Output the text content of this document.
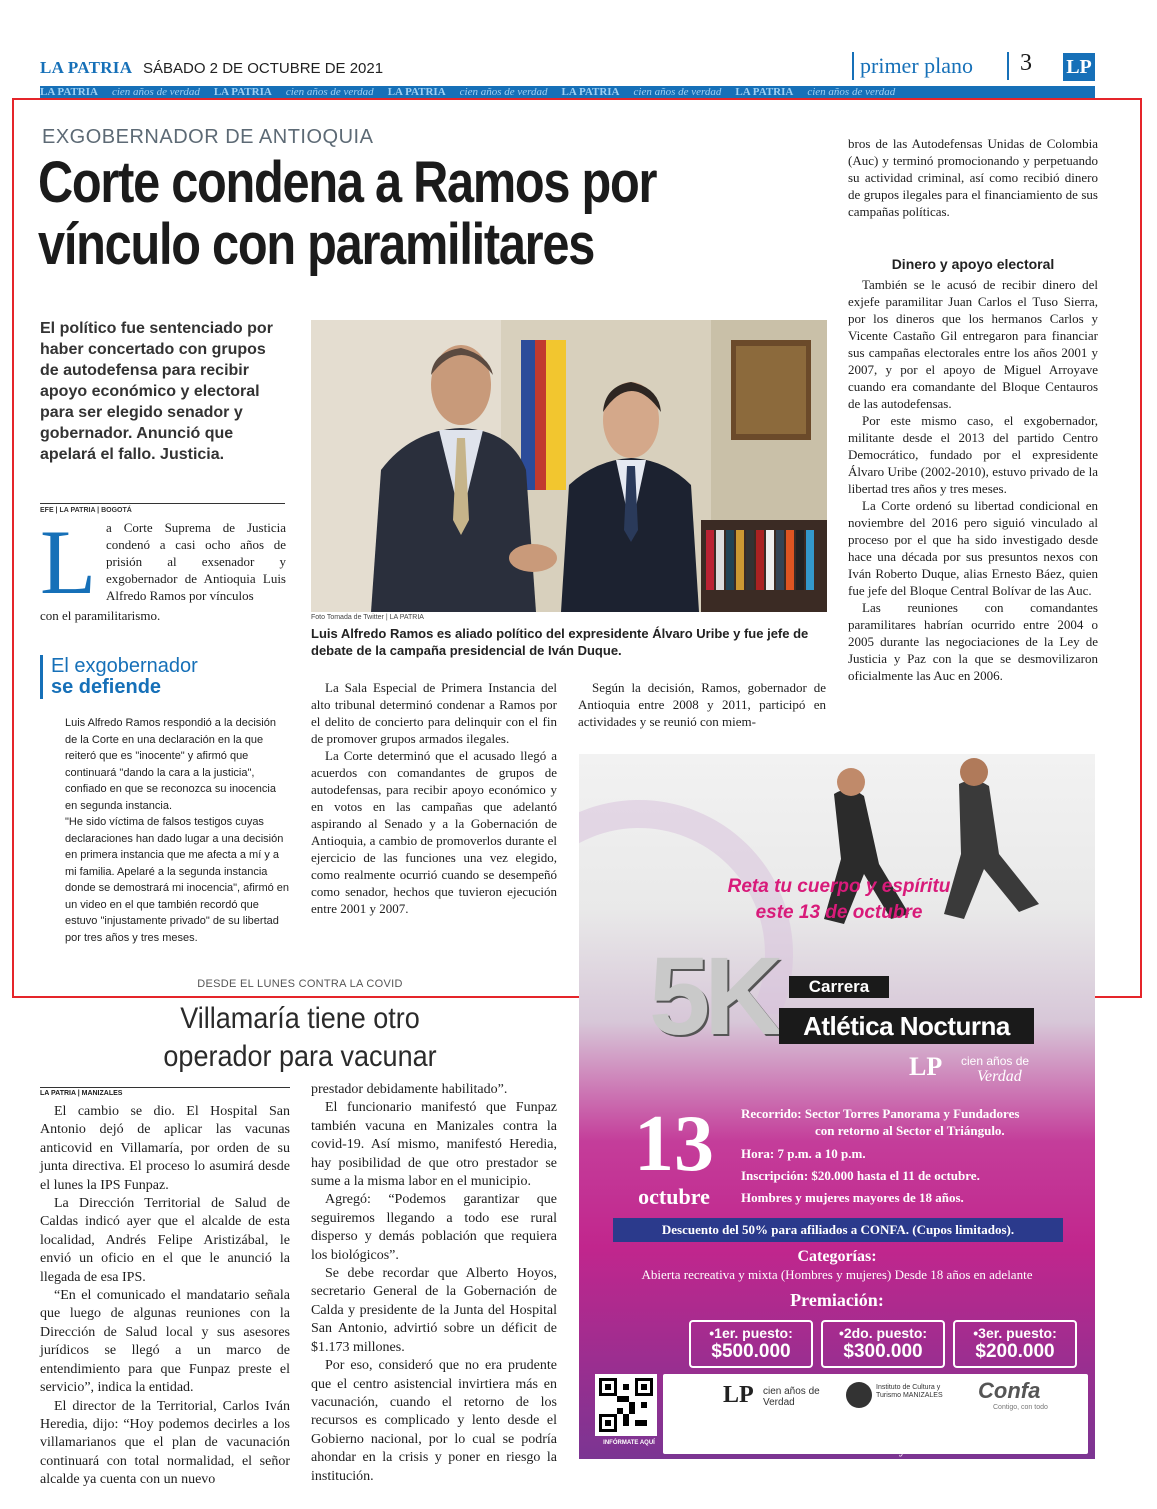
LA PATRIA SÁBADO 2 DE OCTUBRE DE 2021	primer plano 3 LP
LA PATRIA cien años de verdad LA PATRIA cien años de verdad LA PATRIA cien años de verdad LA PATRIA cien años de verdad LA PATRIA cien años de verdad
EXGOBERNADOR DE ANTIOQUIA
Corte condena a Ramos por
vínculo con paramilitares
El político fue sentenciado por haber concertado con grupos de autodefensa para recibir apoyo económico y electoral para ser elegido senador y gobernador. Anunció que apelará el fallo. Justicia.
EFE | LA PATRIA | BOGOTÁ
L a Corte Suprema de Justicia condenó a casi ocho años de prisión al exsenador y exgobernador de Antioquia Luis Alfredo Ramos por vínculos

Foto Tomada de Twitter | LA PATRIA
Luis Alfredo Ramos es aliado político del expresidente Álvaro Uribe y fue jefe de debate de la campaña presidencial de Iván Duque.

con el paramilitarismo.

El exgobernador
se defiende

Luis Alfredo Ramos respondió a la decisión de la Corte en una declaración en la que reiteró que es "inocente" y afirmó que continuará "dando la cara a la justicia", confiado en que se reconozca su inocencia en segunda instancia.

"He sido víctima de falsos testigos cuyas declaraciones han dado lugar a una decisión en primera instancia que me afecta a mí y a mi familia. Apelaré a la segunda instancia donde se demostrará mi inocencia", afirmó en un video en el que también recordó que estuvo "injustamente privado" de su libertad por tres años y tres meses.

La Sala Especial de Primera Instancia del alto tribunal determinó condenar a Ramos por el delito de concierto para delinquir con el fin de promover grupos armados ilegales.

La Corte determinó que el acusado llegó a acuerdos con comandantes de grupos de autodefensas, para recibir apoyo económico y en votos en las campañas que adelantó aspirando al Senado y a la Gobernación de Antioquia, a cambio de promoverlos durante el ejercicio de las funciones una vez elegido, como realmente ocurrió cuando se desempeñó como senador, hechos que tuvieron ejecución entre 2001 y 2007.

Según la decisión, Ramos, gobernador de Antioquia entre 2008 y 2011, participó en actividades y se reunió con miem-

bros de las Autodefensas Unidas de Colombia (Auc) y terminó promocionando y perpetuando su actividad criminal, así como recibió dinero de grupos ilegales para el financiamiento de sus campañas políticas.

Dinero y apoyo electoral

También se le acusó de recibir dinero del exjefe paramilitar Juan Carlos el Tuso Sierra, por los dineros que los hermanos Carlos y Vicente Castaño Gil entregaron para financiar sus campañas electorales entre los años 2001 y 2007, y por el apoyo de Miguel Arroyave cuando era comandante del Bloque Centauros de las autodefensas.

Por este mismo caso, el exgobernador, militante desde el 2013 del partido Centro Democrático, fundado por el expresidente Álvaro Uribe (2002-2010), estuvo privado de la libertad tres años y tres meses.

La Corte ordenó su libertad condicional en noviembre del 2016 pero siguió vinculado al proceso por el que ha sido investigado desde hace una década por sus presuntos nexos con Iván Roberto Duque, alias Ernesto Báez, quien fue jefe del Bloque Central Bolívar de las Auc.

Las reuniones con comandantes paramilitares habrían ocurrido entre 2004 o 2005 durante las negociaciones de la Ley de Justicia y Paz con la que se desmovilizaron oficialmente las Auc en 2006.

DESDE EL LUNES CONTRA LA COVID
Villamaría tiene otro
operador para vacunar
LA PATRIA | MANIZALES

El cambio se dio. El Hospital San Antonio dejó de aplicar las vacunas anticovid en Villamaría, por orden de su junta directiva. El proceso lo asumirá desde el lunes la IPS Funpaz.

La Dirección Territorial de Salud de Caldas indicó ayer que el alcalde de esta localidad, Andrés Felipe Aristizábal, le envió un oficio en el que le anunció la llegada de esa IPS.

“En el comunicado el mandatario señala que luego de algunas reuniones con la Dirección de Salud local y sus asesores jurídicos se llegó a un marco de entendimiento para que Funpaz preste el servicio”, indica la entidad.

El director de la Territorial, Carlos Iván Heredia, dijo: “Hoy podemos decirles a los villamarianos que el plan de vacunación continuará con total normalidad, el señor alcalde ya cuenta con un nuevo

prestador debidamente habilitado”.

El funcionario manifestó que Funpaz también vacuna en Manizales contra la covid-19. Así mismo, manifestó Heredia, hay posibilidad de que otro prestador se sume a la misma labor en el municipio.

Agregó: “Podemos garantizar que seguiremos llegando a todo ese rural disperso y demás población que requiera los biológicos”.

Se debe recordar que Alberto Hoyos, secretario General de la Gobernación de Calda y presidente de la Junta del Hospital San Antonio, advirtió sobre un déficit de $1.173 millones.

Por eso, consideró que no era prudente que el centro asistencial invirtiera más en vacunación, cuando el retorno de los recursos es complicado y lento desde el Gobierno nacional, por lo cual se podría ahondar en la crisis y poner en riesgo la institución.

Reta tu cuerpo y espíritu
este 13 de octubre
5K	Carrera
Atlética Nocturna
LP cien años de
Verdad
13
octubre
Recorrido: Sector Torres Panorama y Fundadores
con retorno al Sector el Triángulo.
Hora: 7 p.m. a 10 p.m.
Inscripción: $20.000 hasta el 11 de octubre.
Hombres y mujeres mayores de 18 años.
Descuento del 50% para afiliados a CONFA. (Cupos limitados).
Categorías:
Abierta recreativa y mixta (Hombres y mujeres) Desde 18 años en adelante
Premiación:
•1er. puesto:
$500.000
•2do. puesto:
$300.000
•3er. puesto:
$200.000
INFÓRMATE AQUÍ
LP cien años de Verdad
Instituto de Cultura y Turismo MANIZALES	Confa
Contigo, con todo
Inscripciones: Cra. 20 No. 46 - 35 La Patria Barrio Saénz
Informes: 893 28 80 ext. 116 y 400
